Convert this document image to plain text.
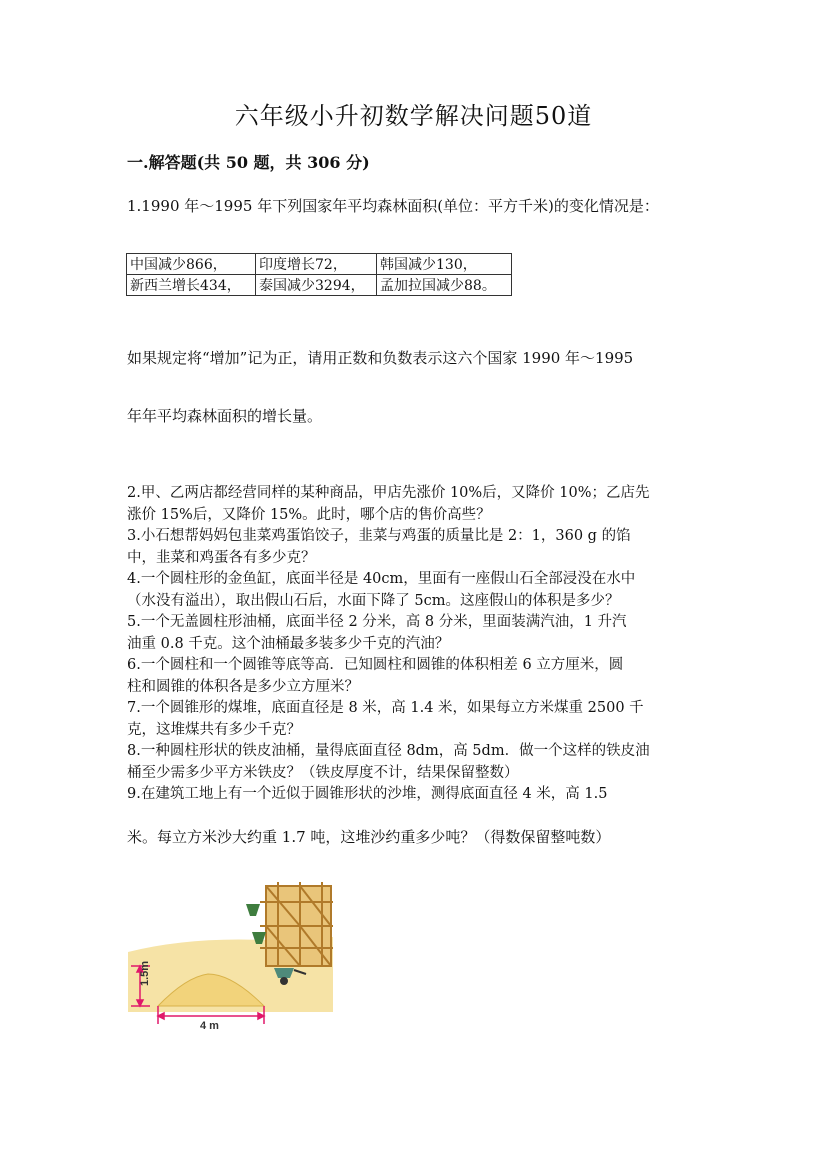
六年级小升初数学解决问题50道
一.解答题(共 50 题，共 306 分)
1.1990 年～1995 年下列国家年平均森林面积(单位：平方千米)的变化情况是：
中国减少866，	印度增长72，	韩国减少130，
新西兰增长434，	泰国减少3294，	孟加拉国减少88。
如果规定将“增加”记为正，请用正数和负数表示这六个国家 1990 年～1995
年年平均森林面积的增长量。
2.甲、乙两店都经营同样的某种商品，甲店先涨价 10%后，又降价 10%；乙店先
涨价 15%后，又降价 15%。此时，哪个店的售价高些？
3.小石想帮妈妈包韭菜鸡蛋馅饺子，韭菜与鸡蛋的质量比是 2：1，360 g 的馅
中，韭菜和鸡蛋各有多少克？
4.一个圆柱形的金鱼缸，底面半径是 40cm，里面有一座假山石全部浸没在水中
（水没有溢出），取出假山石后，水面下降了 5cm。这座假山的体积是多少？
5.一个无盖圆柱形油桶，底面半径 2 分米，高 8 分米，里面装满汽油，1 升汽
油重 0.8 千克。这个油桶最多装多少千克的汽油？
6.一个圆柱和一个圆锥等底等高．已知圆柱和圆锥的体积相差 6 立方厘米，圆
柱和圆锥的体积各是多少立方厘米？
7.一个圆锥形的煤堆，底面直径是 8 米，高 1.4 米，如果每立方米煤重 2500 千
克，这堆煤共有多少千克？
8.一种圆柱形状的铁皮油桶，量得底面直径 8dm，高 5dm．做一个这样的铁皮油
桶至少需多少平方米铁皮？（铁皮厚度不计，结果保留整数）
9.在建筑工地上有一个近似于圆锥形状的沙堆，测得底面直径 4 米，高 1.5
米。每立方米沙大约重 1.7 吨，这堆沙约重多少吨？（得数保留整吨数）
1.5m
4 m
